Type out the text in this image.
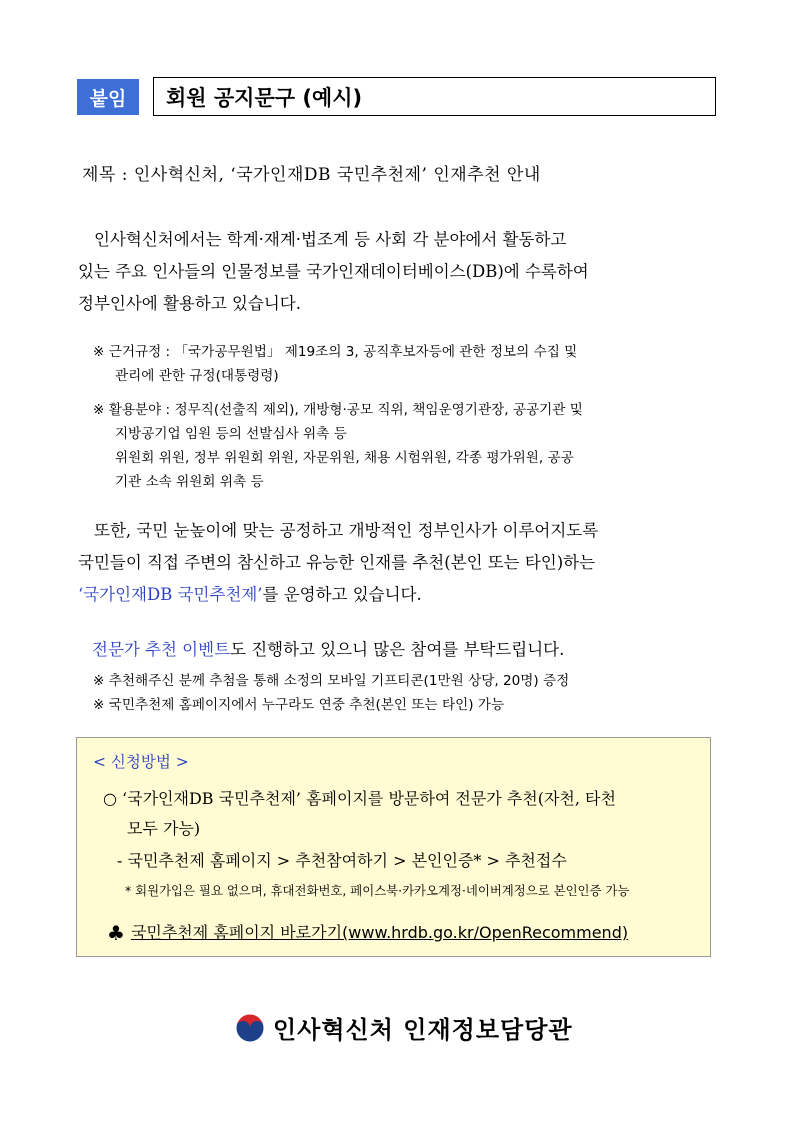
붙임	회원 공지문구 (예시)
제목 : 인사혁신처, ‘국가인재DB 국민추천제’ 인재추천 안내
인사혁신처에서는 학계·재계·법조계 등 사회 각 분야에서 활동하고
있는 주요 인사들의 인물정보를 국가인재데이터베이스(DB)에 수록하여
정부인사에 활용하고 있습니다.
※ 근거규정 : 「국가공무원법」 제19조의 3, 공직후보자등에 관한 정보의 수집 및
관리에 관한 규정(대통령령)
※ 활용분야 : 정무직(선출직 제외), 개방형·공모 직위, 책임운영기관장, 공공기관 및
지방공기업 임원 등의 선발심사 위촉 등
위원회 위원, 정부 위원회 위원, 자문위원, 채용 시험위원, 각종 평가위원, 공공
기관 소속 위원회 위촉 등
또한, 국민 눈높이에 맞는 공정하고 개방적인 정부인사가 이루어지도록
국민들이 직접 주변의 참신하고 유능한 인재를 추천(본인 또는 타인)하는
‘국가인재DB 국민추천제’를 운영하고 있습니다.
전문가 추천 이벤트도 진행하고 있으니 많은 참여를 부탁드립니다.
※ 추천해주신 분께 추첨을 통해 소정의 모바일 기프티콘(1만원 상당, 20명) 증정
※ 국민추천제 홈페이지에서 누구라도 연중 추천(본인 또는 타인) 가능
< 신청방법 >
○ ‘국가인재DB 국민추천제’ 홈페이지를 방문하여 전문가 추천(자천, 타천
모두 가능)
- 국민추천제 홈페이지 > 추천참여하기 > 본인인증* > 추천접수
* 회원가입은 필요 없으며, 휴대전화번호, 페이스북·카카오계정·네이버계정으로 본인인증 가능
♣ 국민추천제 홈페이지 바로가기(www.hrdb.go.kr/OpenRecommend)
인사혁신처 인재정보담당관
